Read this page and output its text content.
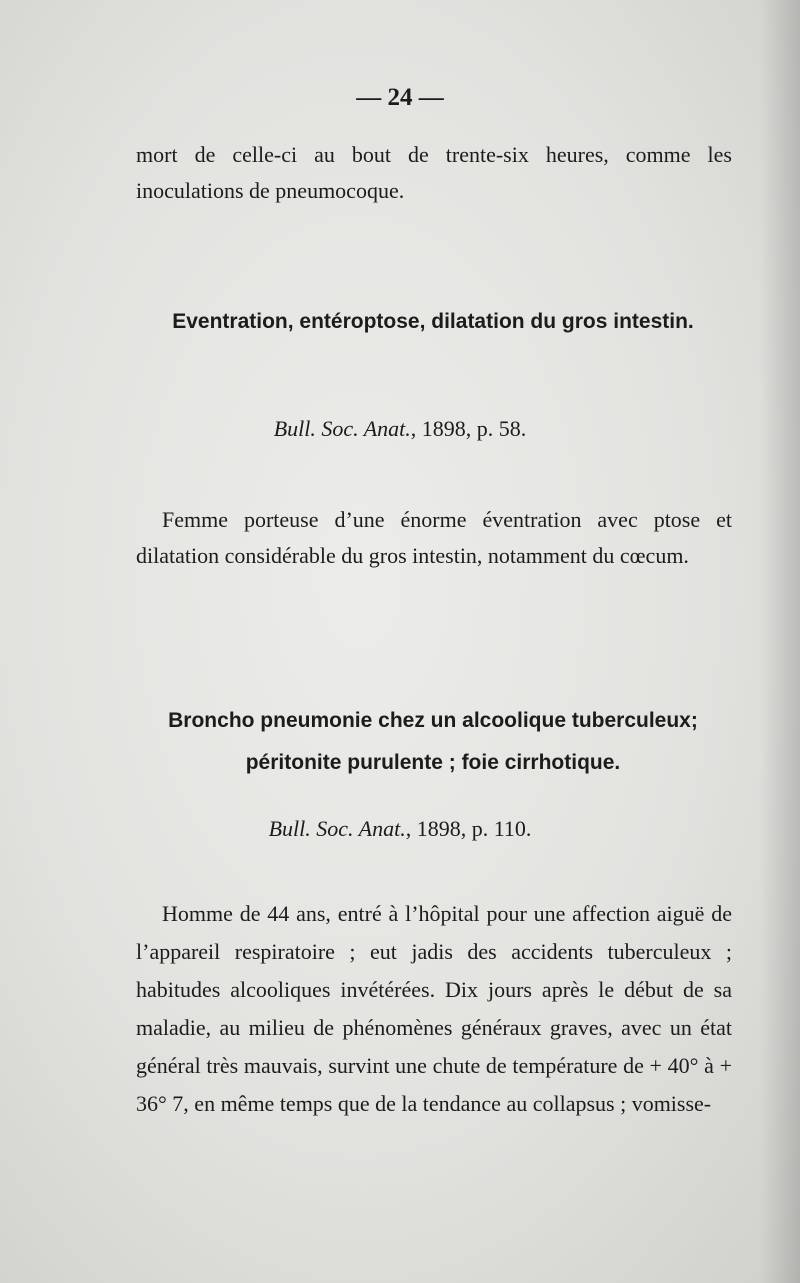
— 24 —

mort de celle-ci au bout de trente-six heures, comme les inoculations de pneumocoque.

Eventration, entéroptose, dilatation du gros intestin.

Bull. Soc. Anat., 1898, p. 58.

Femme porteuse d’une énorme éventration avec ptose et dilatation considérable du gros intestin, notamment du cœcum.

Broncho pneumonie chez un alcoolique tuberculeux;
péritonite purulente ; foie cirrhotique.

Bull. Soc. Anat., 1898, p. 110.

Homme de 44 ans, entré à l’hôpital pour une affection aiguë de l’appareil respiratoire ; eut jadis des accidents tuberculeux ; habitudes alcooliques invétérées. Dix jours après le début de sa maladie, au milieu de phénomènes généraux graves, avec un état général très mauvais, survint une chute de température de + 40° à + 36° 7, en même temps que de la tendance au collapsus ; vomisse-
